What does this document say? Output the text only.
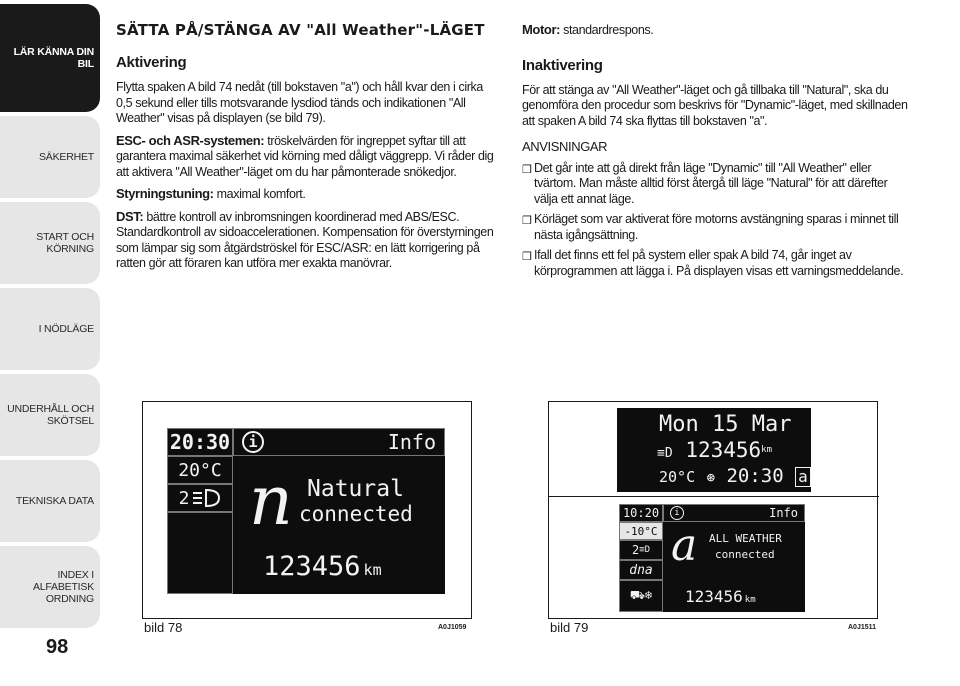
LÄR KÄNNA DIN BIL
SÄKERHET
START OCH KÖRNING
I NÖDLÄGE
UNDERHÅLL OCH SKÖTSEL
TEKNISKA DATA
INDEX I ALFABETISK ORDNING
98
SÄTTA PÅ/STÄNGA AV "All Weather"-LÄGET
Aktivering
Flytta spaken A bild 74 nedåt (till bokstaven "a") och håll kvar den i cirka 0,5 sekund eller tills motsvarande lysdiod tänds och indikationen "All Weather" visas på displayen (se bild 79).
ESC- och ASR-systemen: tröskelvärden för ingreppet syftar till att garantera maximal säkerhet vid körning med dåligt väggrepp. Vi råder dig att aktivera "All Weather"-läget om du har påmonterade snökedjor.
Styrningstuning: maximal komfort.
DST: bättre kontroll av inbromsningen koordinerad med ABS/ESC. Standardkontroll av sidoaccelerationen. Kompensation för överstyrningen som lämpar sig som åtgärdströskel för ESC/ASR: en lätt korrigering på ratten gör att föraren kan utföra mer exakta manövrar.
Motor: standardrespons.
Inaktivering
För att stänga av "All Weather"-läget och gå tillbaka till "Natural", ska du genomföra den procedur som beskrivs för "Dynamic"-läget, med skillnaden att spaken A bild 74 ska flyttas till bokstaven "a".
ANVISNINGAR
❒ Det går inte att gå direkt från läge "Dynamic" till "All Weather" eller tvärtom. Man måste alltid först återgå till läge "Natural" för att därefter välja ett annat läge.
❒ Körläget som var aktiverat före motorns avstängning sparas i minnet till nästa igångsättning.
❒ Ifall det finns ett fel på system eller spak A bild 74, går inget av körprogrammen att lägga i. På displayen visas ett varningsmeddelande.
20:30	i	Info
20°C
2 n Natural
connected
123456 km
bild 78	A0J1059
Mon 15 Mar
≡D $123456^{km}$
20°C ⊛ 20:30 a
10:20	i	Info
-10°C
2 ≡D
dna
⛟❄
a ALL WEATHER
connected
123456 km
bild 79	A0J1511
